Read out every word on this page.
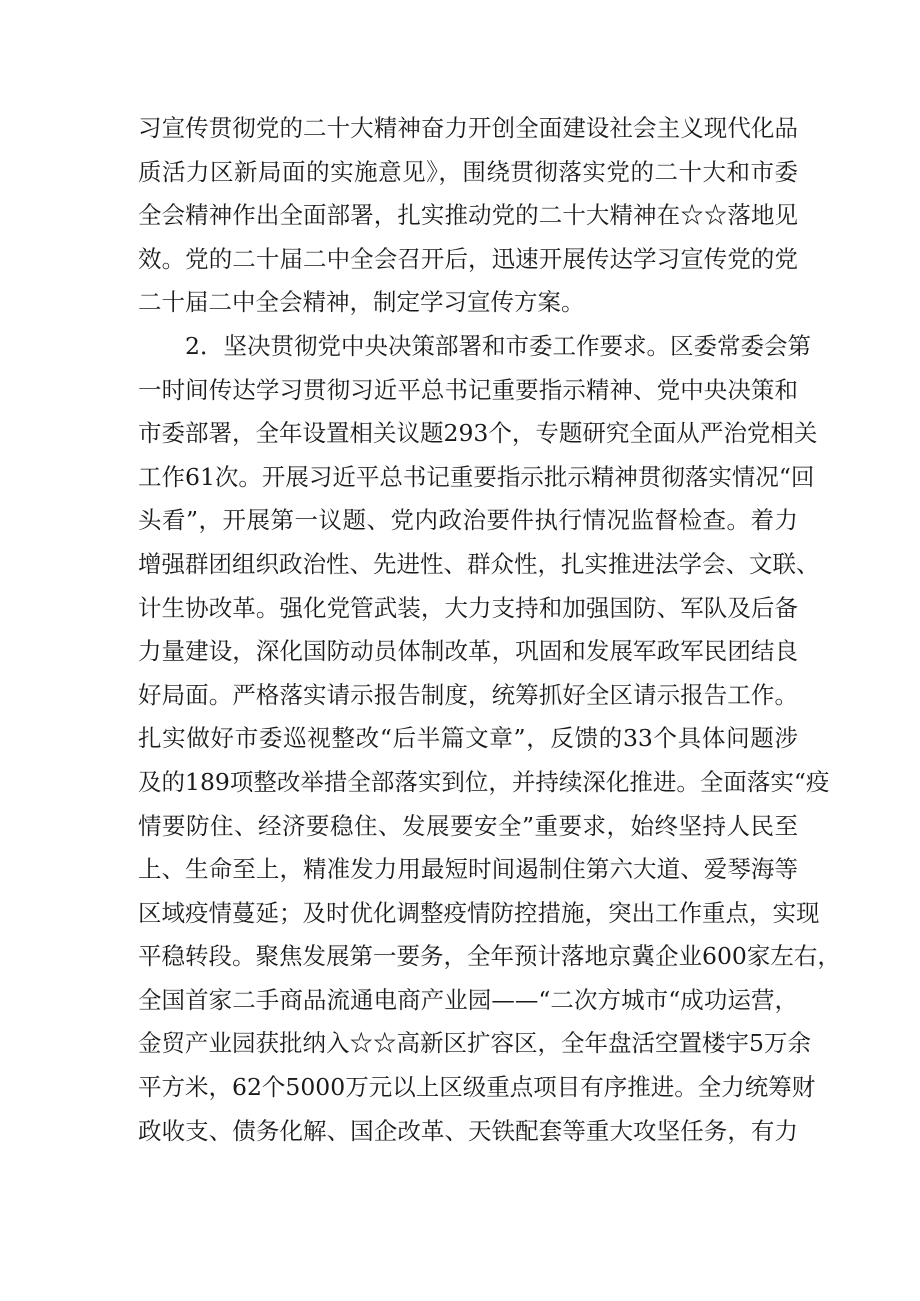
习宣传贯彻党的二十大精神奋力开创全面建设社会主义现代化品
质活力区新局面的实施意见》，围绕贯彻落实党的二十大和市委
全会精神作出全面部署，扎实推动党的二十大精神在☆☆落地见
效。党的二十届二中全会召开后，迅速开展传达学习宣传党的党
二十届二中全会精神，制定学习宣传方案。
2．坚决贯彻党中央决策部署和市委工作要求。区委常委会第
一时间传达学习贯彻习近平总书记重要指示精神、党中央决策和
市委部署，全年设置相关议题293个，专题研究全面从严治党相关
工作61次。开展习近平总书记重要指示批示精神贯彻落实情况“回
头看”，开展第一议题、党内政治要件执行情况监督检查。着力
增强群团组织政治性、先进性、群众性，扎实推进法学会、文联、
计生协改革。强化党管武装，大力支持和加强国防、军队及后备
力量建设，深化国防动员体制改革，巩固和发展军政军民团结良
好局面。严格落实请示报告制度，统筹抓好全区请示报告工作。
扎实做好市委巡视整改“后半篇文章”，反馈的33个具体问题涉
及的189项整改举措全部落实到位，并持续深化推进。全面落实“疫
情要防住、经济要稳住、发展要安全”重要求，始终坚持人民至
上、生命至上，精准发力用最短时间遏制住第六大道、爱琴海等
区域疫情蔓延；及时优化调整疫情防控措施，突出工作重点，实现
平稳转段。聚焦发展第一要务，全年预计落地京冀企业600家左右，
全国首家二手商品流通电商产业园——“二次方城市“成功运营，
金贸产业园获批纳入☆☆高新区扩容区，全年盘活空置楼宇5万余
平方米，62个5000万元以上区级重点项目有序推进。全力统筹财
政收支、债务化解、国企改革、天铁配套等重大攻坚任务，有力
